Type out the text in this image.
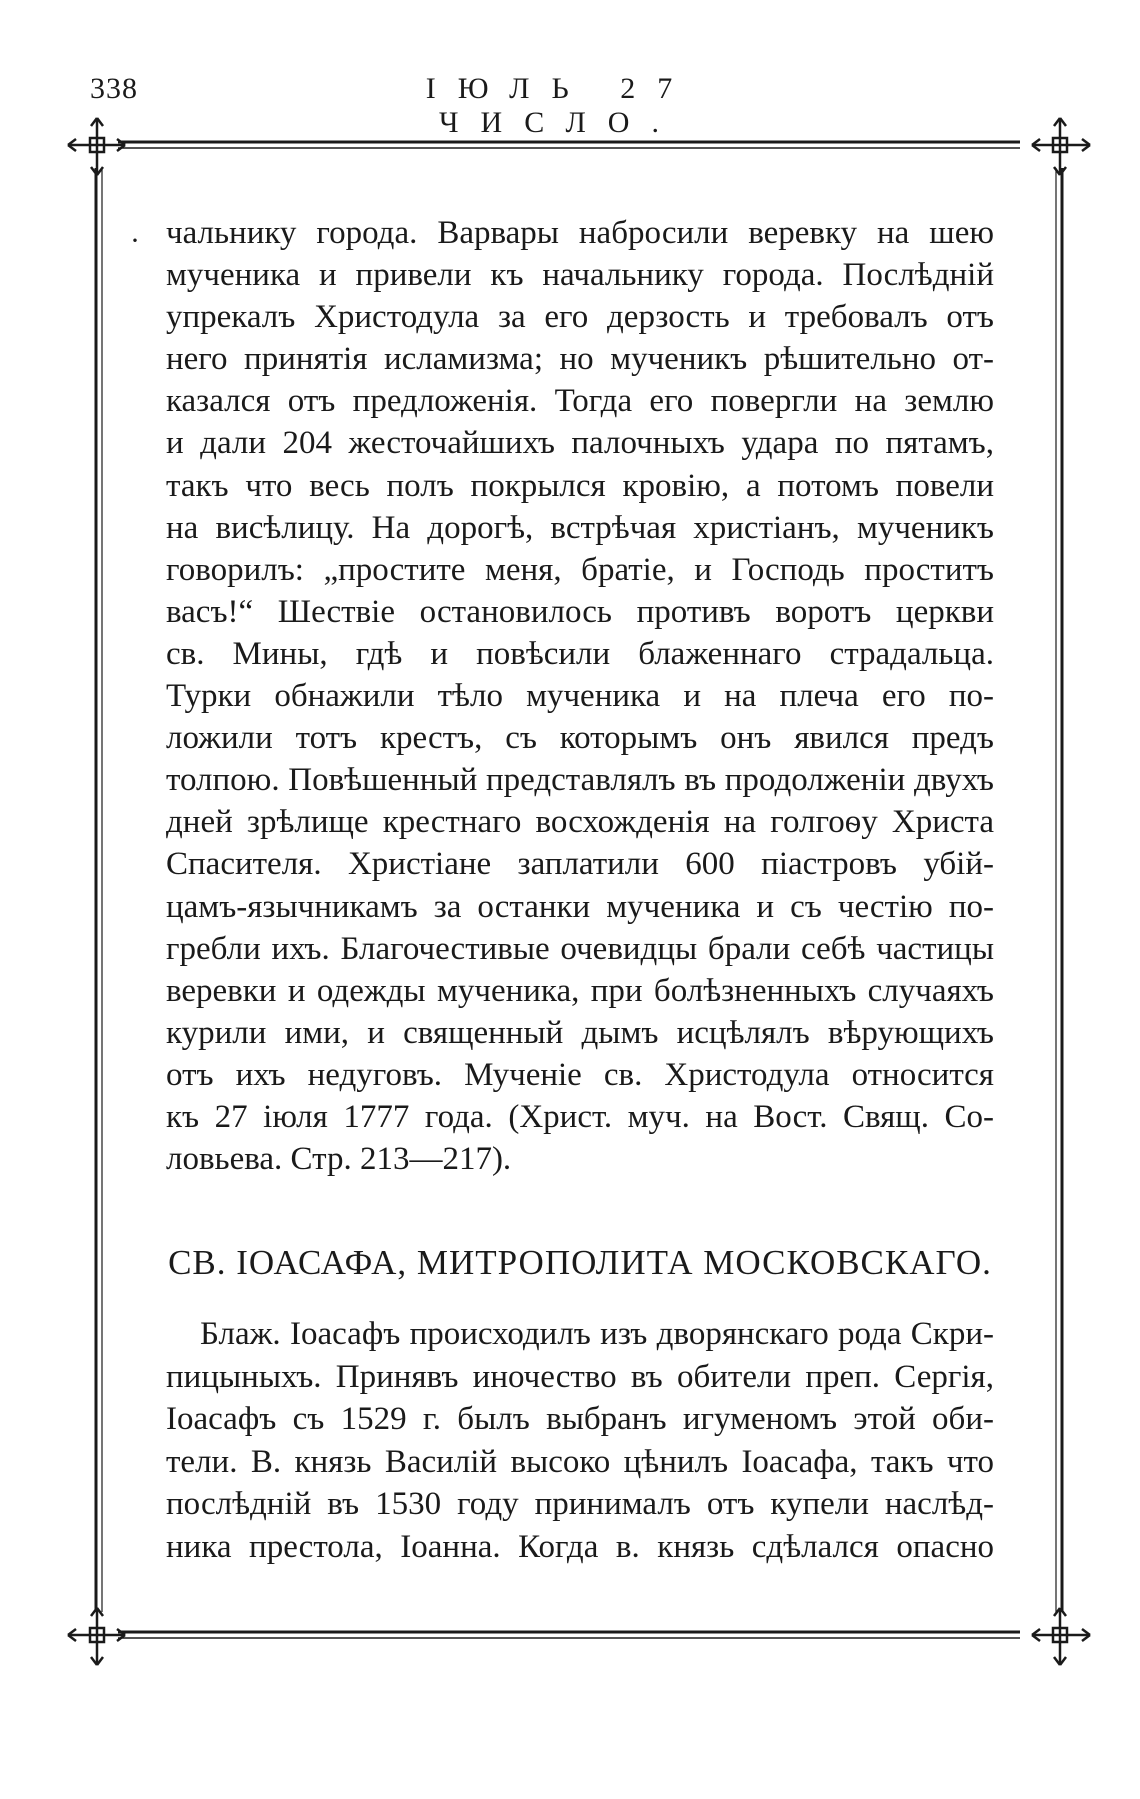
338	ІЮЛЬ 27 ЧИСЛО.
· чальнику города. Варвары набросили веревку на шею
мученика и привели къ начальнику города. Послѣдній
упрекалъ Христодула за его дерзость и требовалъ отъ
него принятія исламизма; но мученикъ рѣшительно от-
казался отъ предложенія. Тогда его повергли на землю
и дали 204 жесточайшихъ палочныхъ удара по пятамъ,
такъ что весь полъ покрылся кровію, а потомъ повели
на висѣлицу. На дорогѣ, встрѣчая христіанъ, мученикъ
говорилъ: „простите меня, братіе, и Господь проститъ
васъ!“ Шествіе остановилось противъ воротъ церкви
св. Мины, гдѣ и повѣсили блаженнаго страдальца.
Турки обнажили тѣло мученика и на плеча его по-
ложили тотъ крестъ, съ которымъ онъ явился предъ
толпою. Повѣшенный представлялъ въ продолженіи двухъ
дней зрѣлище крестнаго восхожденія на голгоѳу Христа
Спасителя. Христіане заплатили 600 піастровъ убій-
цамъ-язычникамъ за останки мученика и съ честію по-
гребли ихъ. Благочестивые очевидцы брали себѣ частицы
веревки и одежды мученика, при болѣзненныхъ случаяхъ
курили ими, и священный дымъ исцѣлялъ вѣрующихъ
отъ ихъ недуговъ. Мученіе св. Христодула относится
къ 27 іюля 1777 года. (Христ. муч. на Вост. Свящ. Со-
ловьева. Стр. 213—217).
СВ. ІОАСАФА, МИТРОПОЛИТА МОСКОВСКАГО.
Блаж. Іоасафъ происходилъ изъ дворянскаго рода Скри-
пицыныхъ. Принявъ иночество въ обители преп. Сергія,
Іоасафъ съ 1529 г. былъ выбранъ игуменомъ этой оби-
тели. В. князь Василій высоко цѣнилъ Іоасафа, такъ что
послѣдній въ 1530 году принималъ отъ купели наслѣд-
ника престола, Іоанна. Когда в. князь сдѣлался опасно
